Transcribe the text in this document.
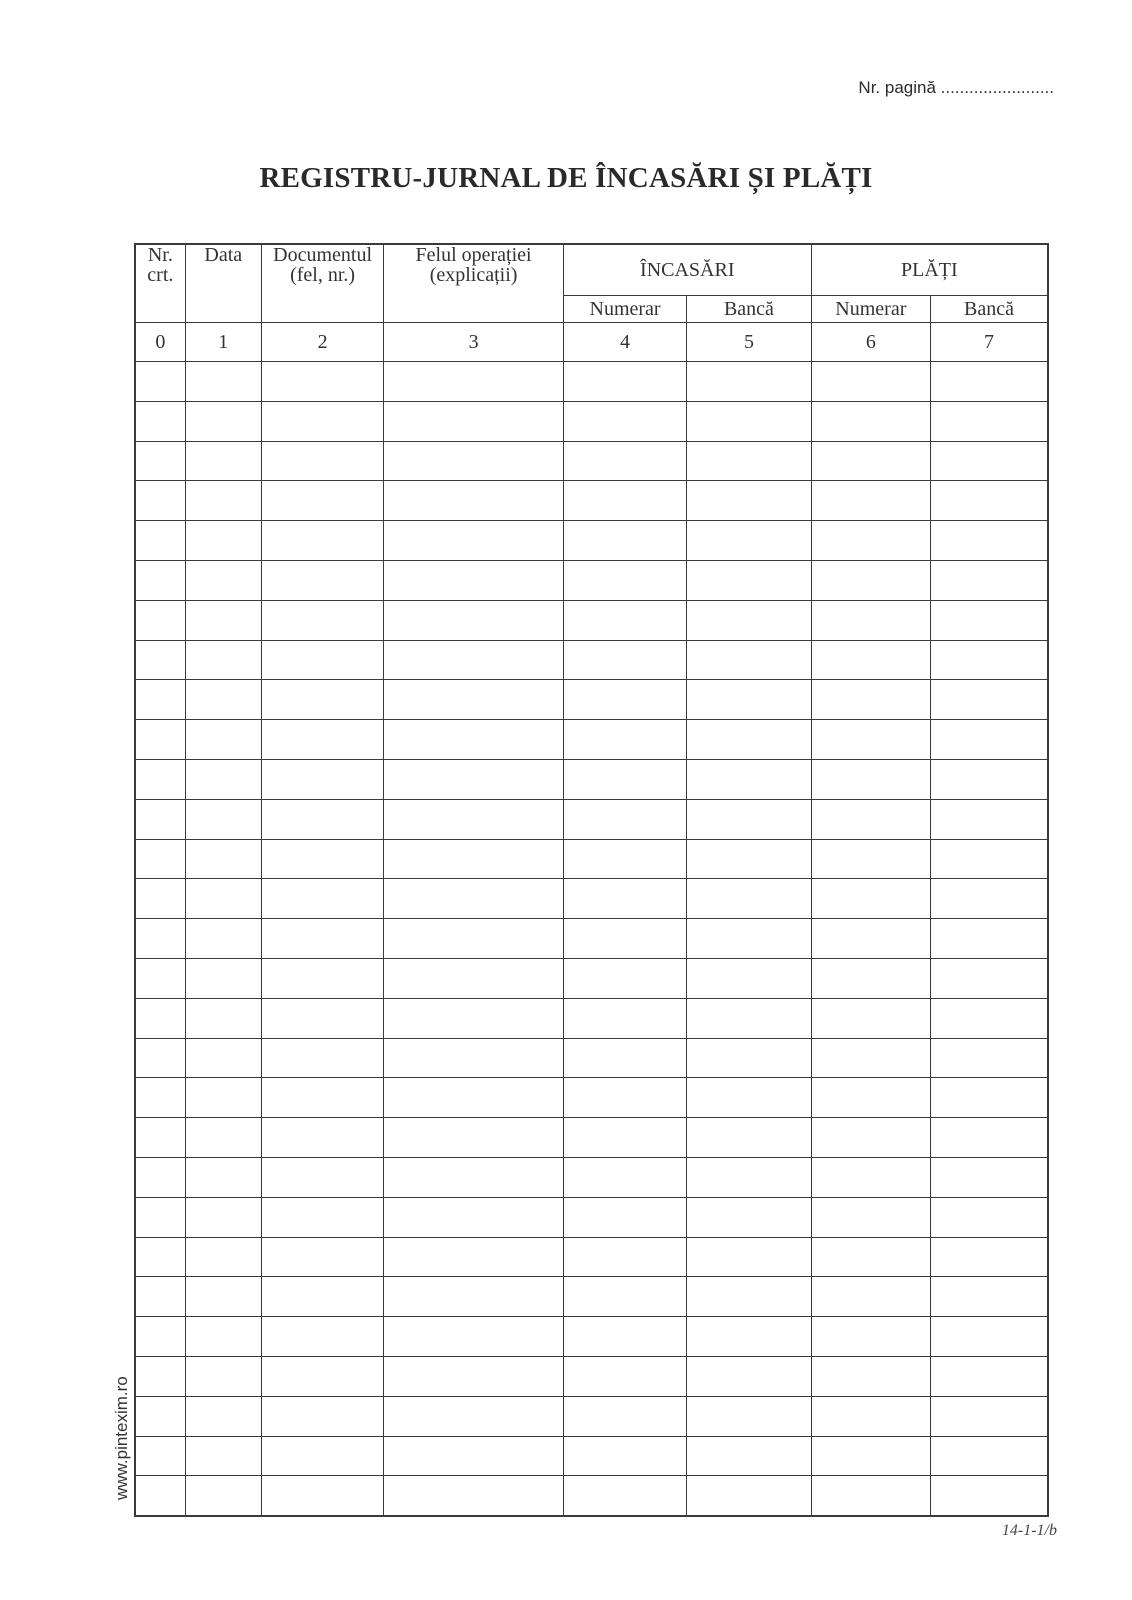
Nr. pagină ........................
REGISTRU-JURNAL DE ÎNCASĂRI ȘI PLĂȚI
Nr. crt.	Data	Documentul (fel, nr.)	Felul operației (explicații)	ÎNCASĂRI		PLĂȚI	
				Numerar	Bancă	Numerar	Bancă
0	1	2	3	4	5	6	7

www.pintexim.ro
14-1-1/b
